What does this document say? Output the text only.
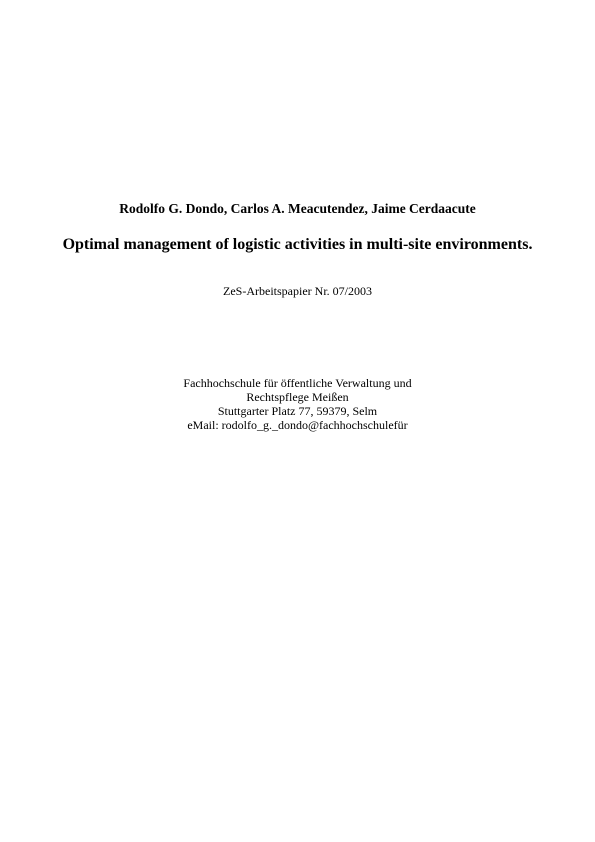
Rodolfo G. Dondo, Carlos A. Meacutendez, Jaime Cerdaacute
Optimal management of logistic activities in multi-site environments.
ZeS-Arbeitspapier Nr. 07/2003
Fachhochschule für öffentliche Verwaltung und
Rechtspflege Meißen
Stuttgarter Platz 77, 59379, Selm
eMail: rodolfo_g._dondo@fachhochschulefür
